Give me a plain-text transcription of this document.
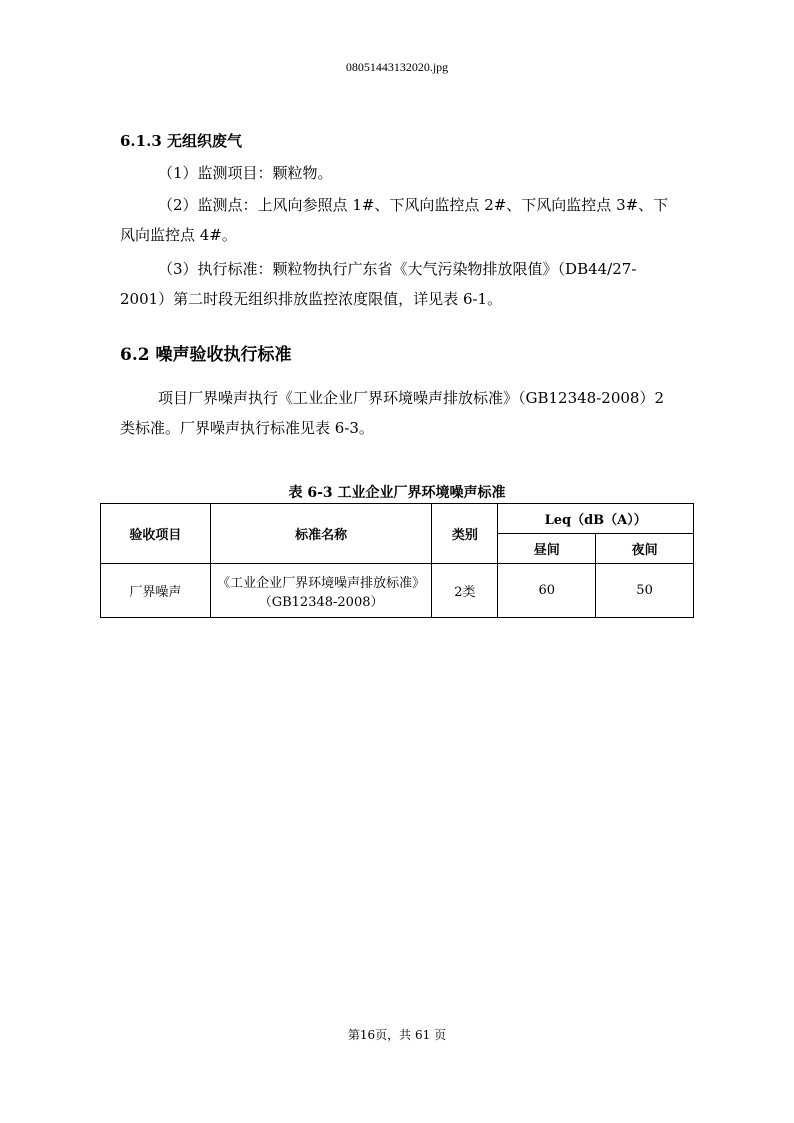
08051443132020.jpg
6.1.3 无组织废气
（1）监测项目：颗粒物。
（2）监测点：上风向参照点 1#、下风向监控点 2#、下风向监控点 3#、下风向监控点 4#。
（3）执行标准：颗粒物执行广东省《大气污染物排放限值》（DB44/27-2001）第二时段无组织排放监控浓度限值，详见表 6-1。
6.2 噪声验收执行标准
项目厂界噪声执行《工业企业厂界环境噪声排放标准》（GB12348-2008）2 类标准。厂界噪声执行标准见表 6-3。
表 6-3 工业企业厂界环境噪声标准
验收项目	标准名称	类别	Leq（dB（A））	
			昼间	夜间
厂界噪声	《工业企业厂界环境噪声排放标准》（GB12348-2008）	2类	60	50
第16页，共 61 页
